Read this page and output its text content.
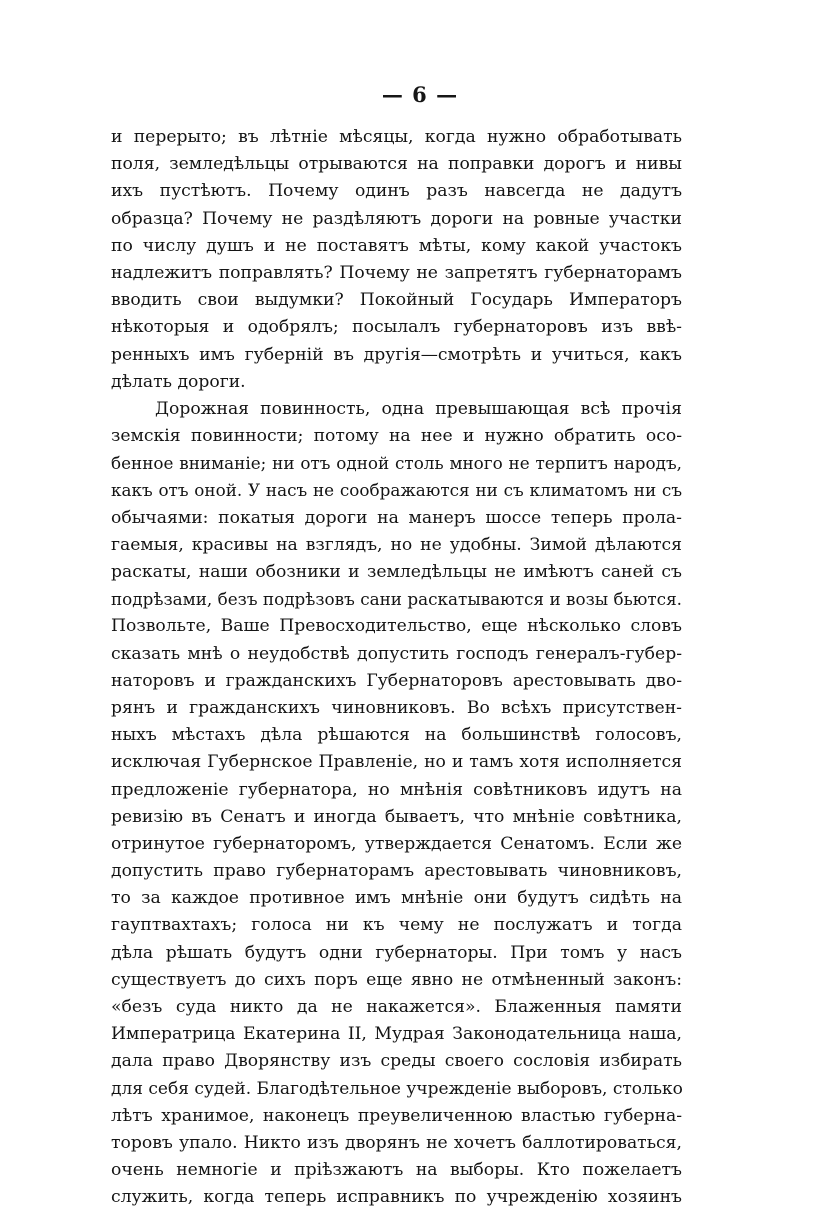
— 6 —
и перерыто; въ лѣтніе мѣсяцы, когда нужно обработывать
поля, земледѣльцы отрываются на поправки дорогъ и нивы
ихъ пустѣютъ. Почему одинъ разъ навсегда не дадутъ
образца? Почему не раздѣляютъ дороги на ровные участки
по числу душъ и не поставятъ мѣты, кому какой участокъ
надлежитъ поправлять? Почему не запретятъ губернаторамъ
вводить свои выдумки? Покойный Государь Императоръ
нѣкоторыя и одобрялъ; посылалъ губернаторовъ изъ ввѣ-
ренныхъ имъ губерній въ другія—смотрѣть и учиться, какъ
дѣлать дороги.
Дорожная повинность, одна превышающая всѣ прочія
земскія повинности; потому на нее и нужно обратить осо-
бенное вниманіе; ни отъ одной столь много не терпитъ народъ,
какъ отъ оной. У насъ не соображаются ни съ климатомъ ни съ
обычаями: покатыя дороги на манеръ шоссе теперь прола-
гаемыя, красивы на взглядъ, но не удобны. Зимой дѣлаются
раскаты, наши обозники и земледѣльцы не имѣютъ саней съ
подрѣзами, безъ подрѣзовъ сани раскатываются и возы бьются.
Позвольте, Ваше Превосходительство, еще нѣсколько словъ
сказать мнѣ о неудобствѣ допустить господъ генералъ-губер-
наторовъ и гражданскихъ Губернаторовъ арестовывать дво-
рянъ и гражданскихъ чиновниковъ. Во всѣхъ присутствен-
ныхъ мѣстахъ дѣла рѣшаются на большинствѣ голосовъ,
исключая Губернское Правленіе, но и тамъ хотя исполняется
предложеніе губернатора, но мнѣнія совѣтниковъ идутъ на
ревизію въ Сенатъ и иногда бываетъ, что мнѣніе совѣтника,
отринутое губернаторомъ, утверждается Сенатомъ. Если же
допустить право губернаторамъ арестовывать чиновниковъ,
то за каждое противное имъ мнѣніе они будутъ сидѣть на
гауптвахтахъ; голоса ни къ чему не послужатъ и тогда
дѣла рѣшать будутъ одни губернаторы. При томъ у насъ
существуетъ до сихъ поръ еще явно не отмѣненный законъ:
«безъ суда никто да не накажется». Блаженныя памяти
Императрица Екатерина II, Мудрая Законодательница наша,
дала право Дворянству изъ среды своего сословія избирать
для себя судей. Благодѣтельное учрежденіе выборовъ, столько
лѣтъ хранимое, наконецъ преувеличенною властью губерна-
торовъ упало. Никто изъ дворянъ не хочетъ баллотироваться,
очень немногіе и пріѣзжаютъ на выборы. Кто пожелаетъ
служить, когда теперь исправникъ по учрежденію хозяинъ
